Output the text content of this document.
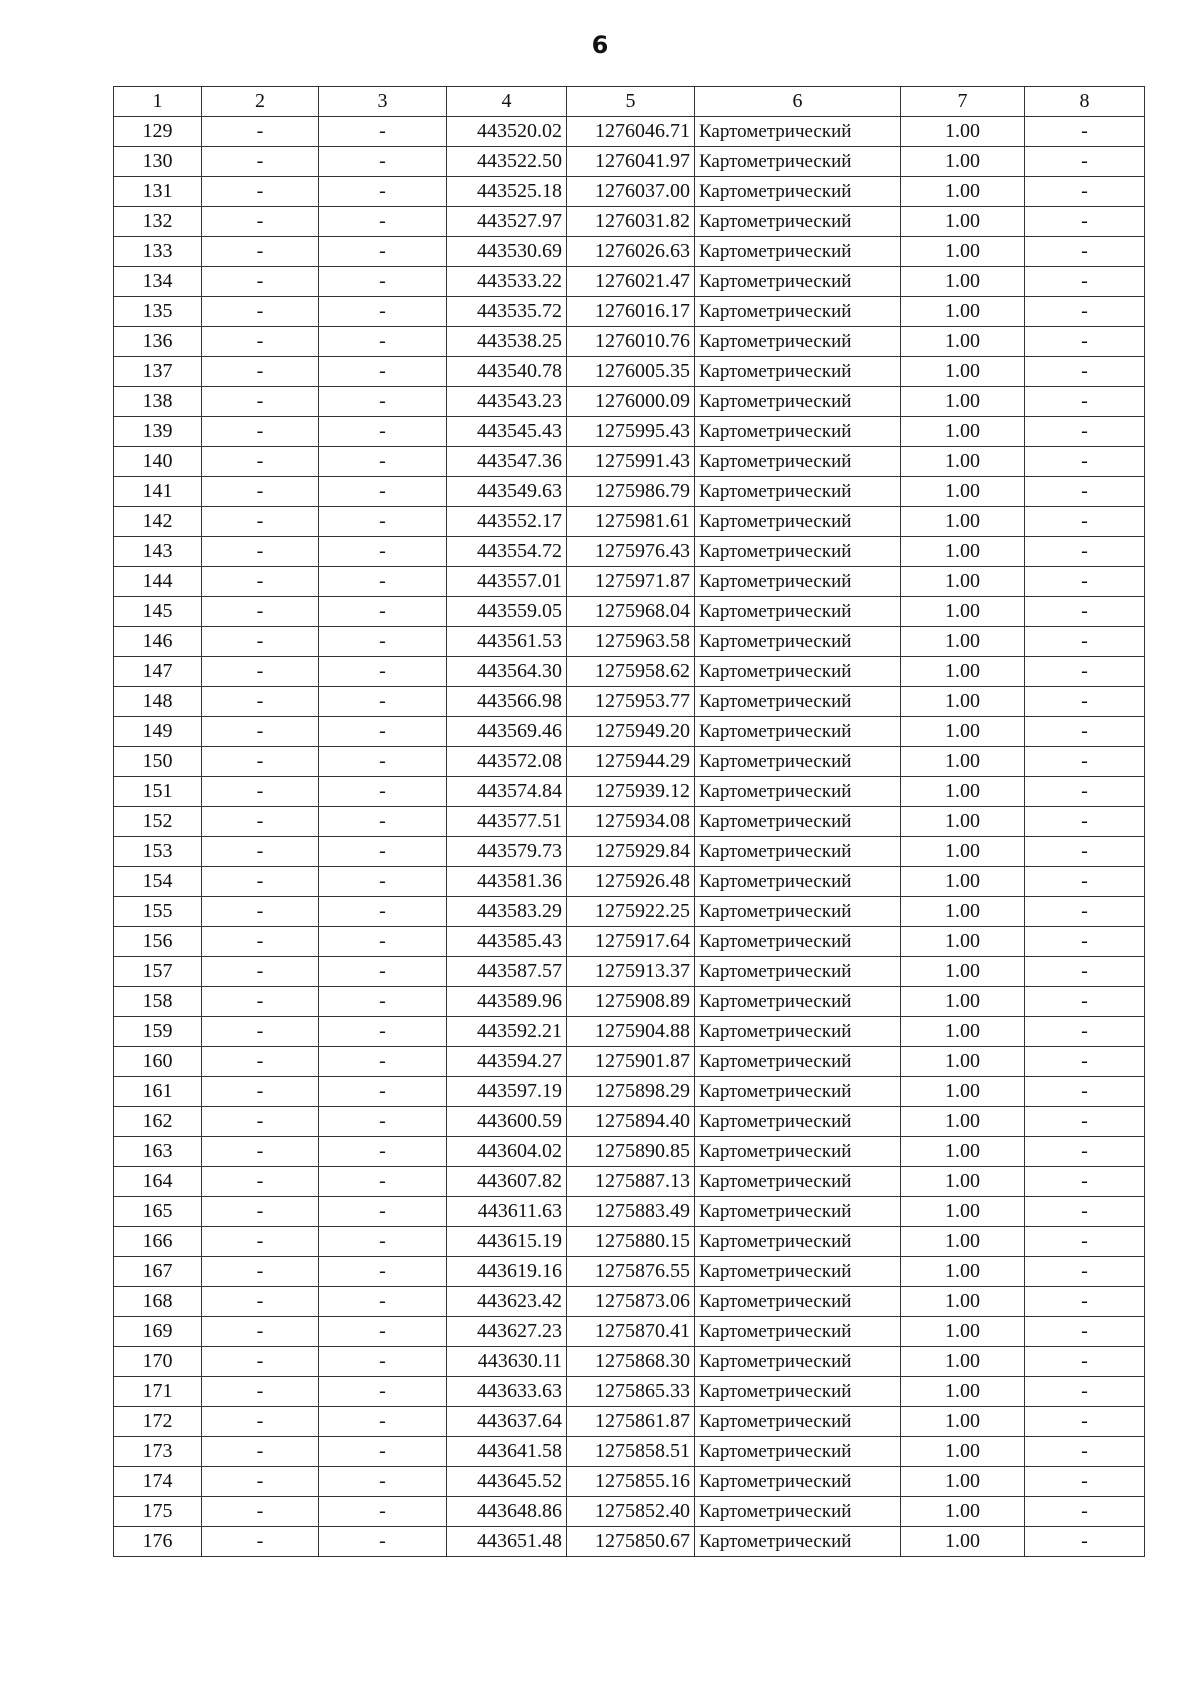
6
1	2	3	4	5	6	7	8
129	-	-	443520.02	1276046.71	Картометрический	1.00	-
130	-	-	443522.50	1276041.97	Картометрический	1.00	-
131	-	-	443525.18	1276037.00	Картометрический	1.00	-
132	-	-	443527.97	1276031.82	Картометрический	1.00	-
133	-	-	443530.69	1276026.63	Картометрический	1.00	-
134	-	-	443533.22	1276021.47	Картометрический	1.00	-
135	-	-	443535.72	1276016.17	Картометрический	1.00	-
136	-	-	443538.25	1276010.76	Картометрический	1.00	-
137	-	-	443540.78	1276005.35	Картометрический	1.00	-
138	-	-	443543.23	1276000.09	Картометрический	1.00	-
139	-	-	443545.43	1275995.43	Картометрический	1.00	-
140	-	-	443547.36	1275991.43	Картометрический	1.00	-
141	-	-	443549.63	1275986.79	Картометрический	1.00	-
142	-	-	443552.17	1275981.61	Картометрический	1.00	-
143	-	-	443554.72	1275976.43	Картометрический	1.00	-
144	-	-	443557.01	1275971.87	Картометрический	1.00	-
145	-	-	443559.05	1275968.04	Картометрический	1.00	-
146	-	-	443561.53	1275963.58	Картометрический	1.00	-
147	-	-	443564.30	1275958.62	Картометрический	1.00	-
148	-	-	443566.98	1275953.77	Картометрический	1.00	-
149	-	-	443569.46	1275949.20	Картометрический	1.00	-
150	-	-	443572.08	1275944.29	Картометрический	1.00	-
151	-	-	443574.84	1275939.12	Картометрический	1.00	-
152	-	-	443577.51	1275934.08	Картометрический	1.00	-
153	-	-	443579.73	1275929.84	Картометрический	1.00	-
154	-	-	443581.36	1275926.48	Картометрический	1.00	-
155	-	-	443583.29	1275922.25	Картометрический	1.00	-
156	-	-	443585.43	1275917.64	Картометрический	1.00	-
157	-	-	443587.57	1275913.37	Картометрический	1.00	-
158	-	-	443589.96	1275908.89	Картометрический	1.00	-
159	-	-	443592.21	1275904.88	Картометрический	1.00	-
160	-	-	443594.27	1275901.87	Картометрический	1.00	-
161	-	-	443597.19	1275898.29	Картометрический	1.00	-
162	-	-	443600.59	1275894.40	Картометрический	1.00	-
163	-	-	443604.02	1275890.85	Картометрический	1.00	-
164	-	-	443607.82	1275887.13	Картометрический	1.00	-
165	-	-	443611.63	1275883.49	Картометрический	1.00	-
166	-	-	443615.19	1275880.15	Картометрический	1.00	-
167	-	-	443619.16	1275876.55	Картометрический	1.00	-
168	-	-	443623.42	1275873.06	Картометрический	1.00	-
169	-	-	443627.23	1275870.41	Картометрический	1.00	-
170	-	-	443630.11	1275868.30	Картометрический	1.00	-
171	-	-	443633.63	1275865.33	Картометрический	1.00	-
172	-	-	443637.64	1275861.87	Картометрический	1.00	-
173	-	-	443641.58	1275858.51	Картометрический	1.00	-
174	-	-	443645.52	1275855.16	Картометрический	1.00	-
175	-	-	443648.86	1275852.40	Картометрический	1.00	-
176	-	-	443651.48	1275850.67	Картометрический	1.00	-
